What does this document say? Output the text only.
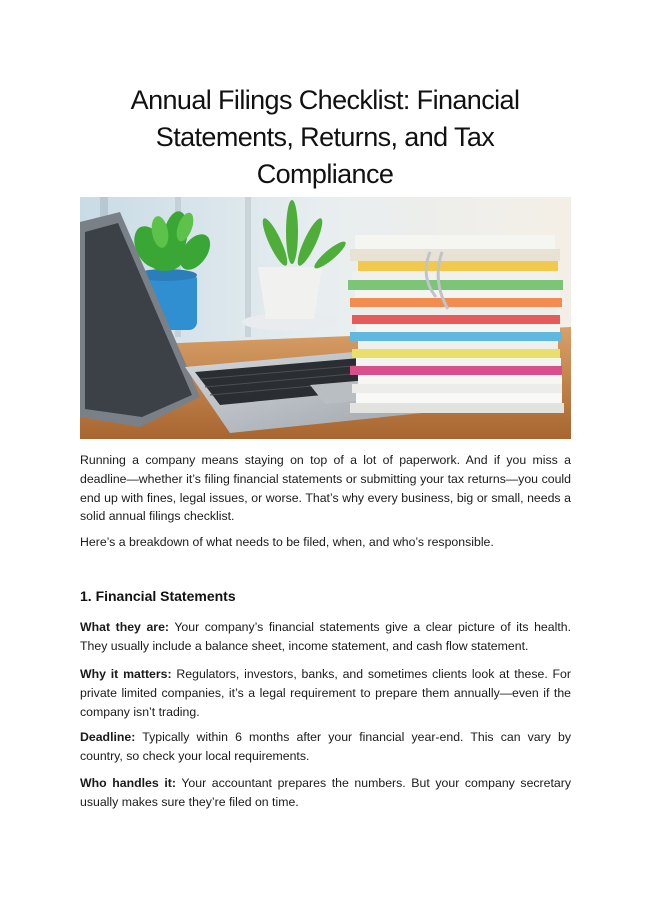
Annual Filings Checklist: Financial Statements, Returns, and Tax Compliance

Running a company means staying on top of a lot of paperwork. And if you miss a deadline—whether it’s filing financial statements or submitting your tax returns—you could end up with fines, legal issues, or worse. That’s why every business, big or small, needs a solid annual filings checklist.

Here’s a breakdown of what needs to be filed, when, and who’s responsible.

1. Financial Statements

What they are: Your company’s financial statements give a clear picture of its health. They usually include a balance sheet, income statement, and cash flow statement.

Why it matters: Regulators, investors, banks, and sometimes clients look at these. For private limited companies, it’s a legal requirement to prepare them annually—even if the company isn’t trading.

Deadline: Typically within 6 months after your financial year-end. This can vary by country, so check your local requirements.

Who handles it: Your accountant prepares the numbers. But your company secretary usually makes sure they’re filed on time.
